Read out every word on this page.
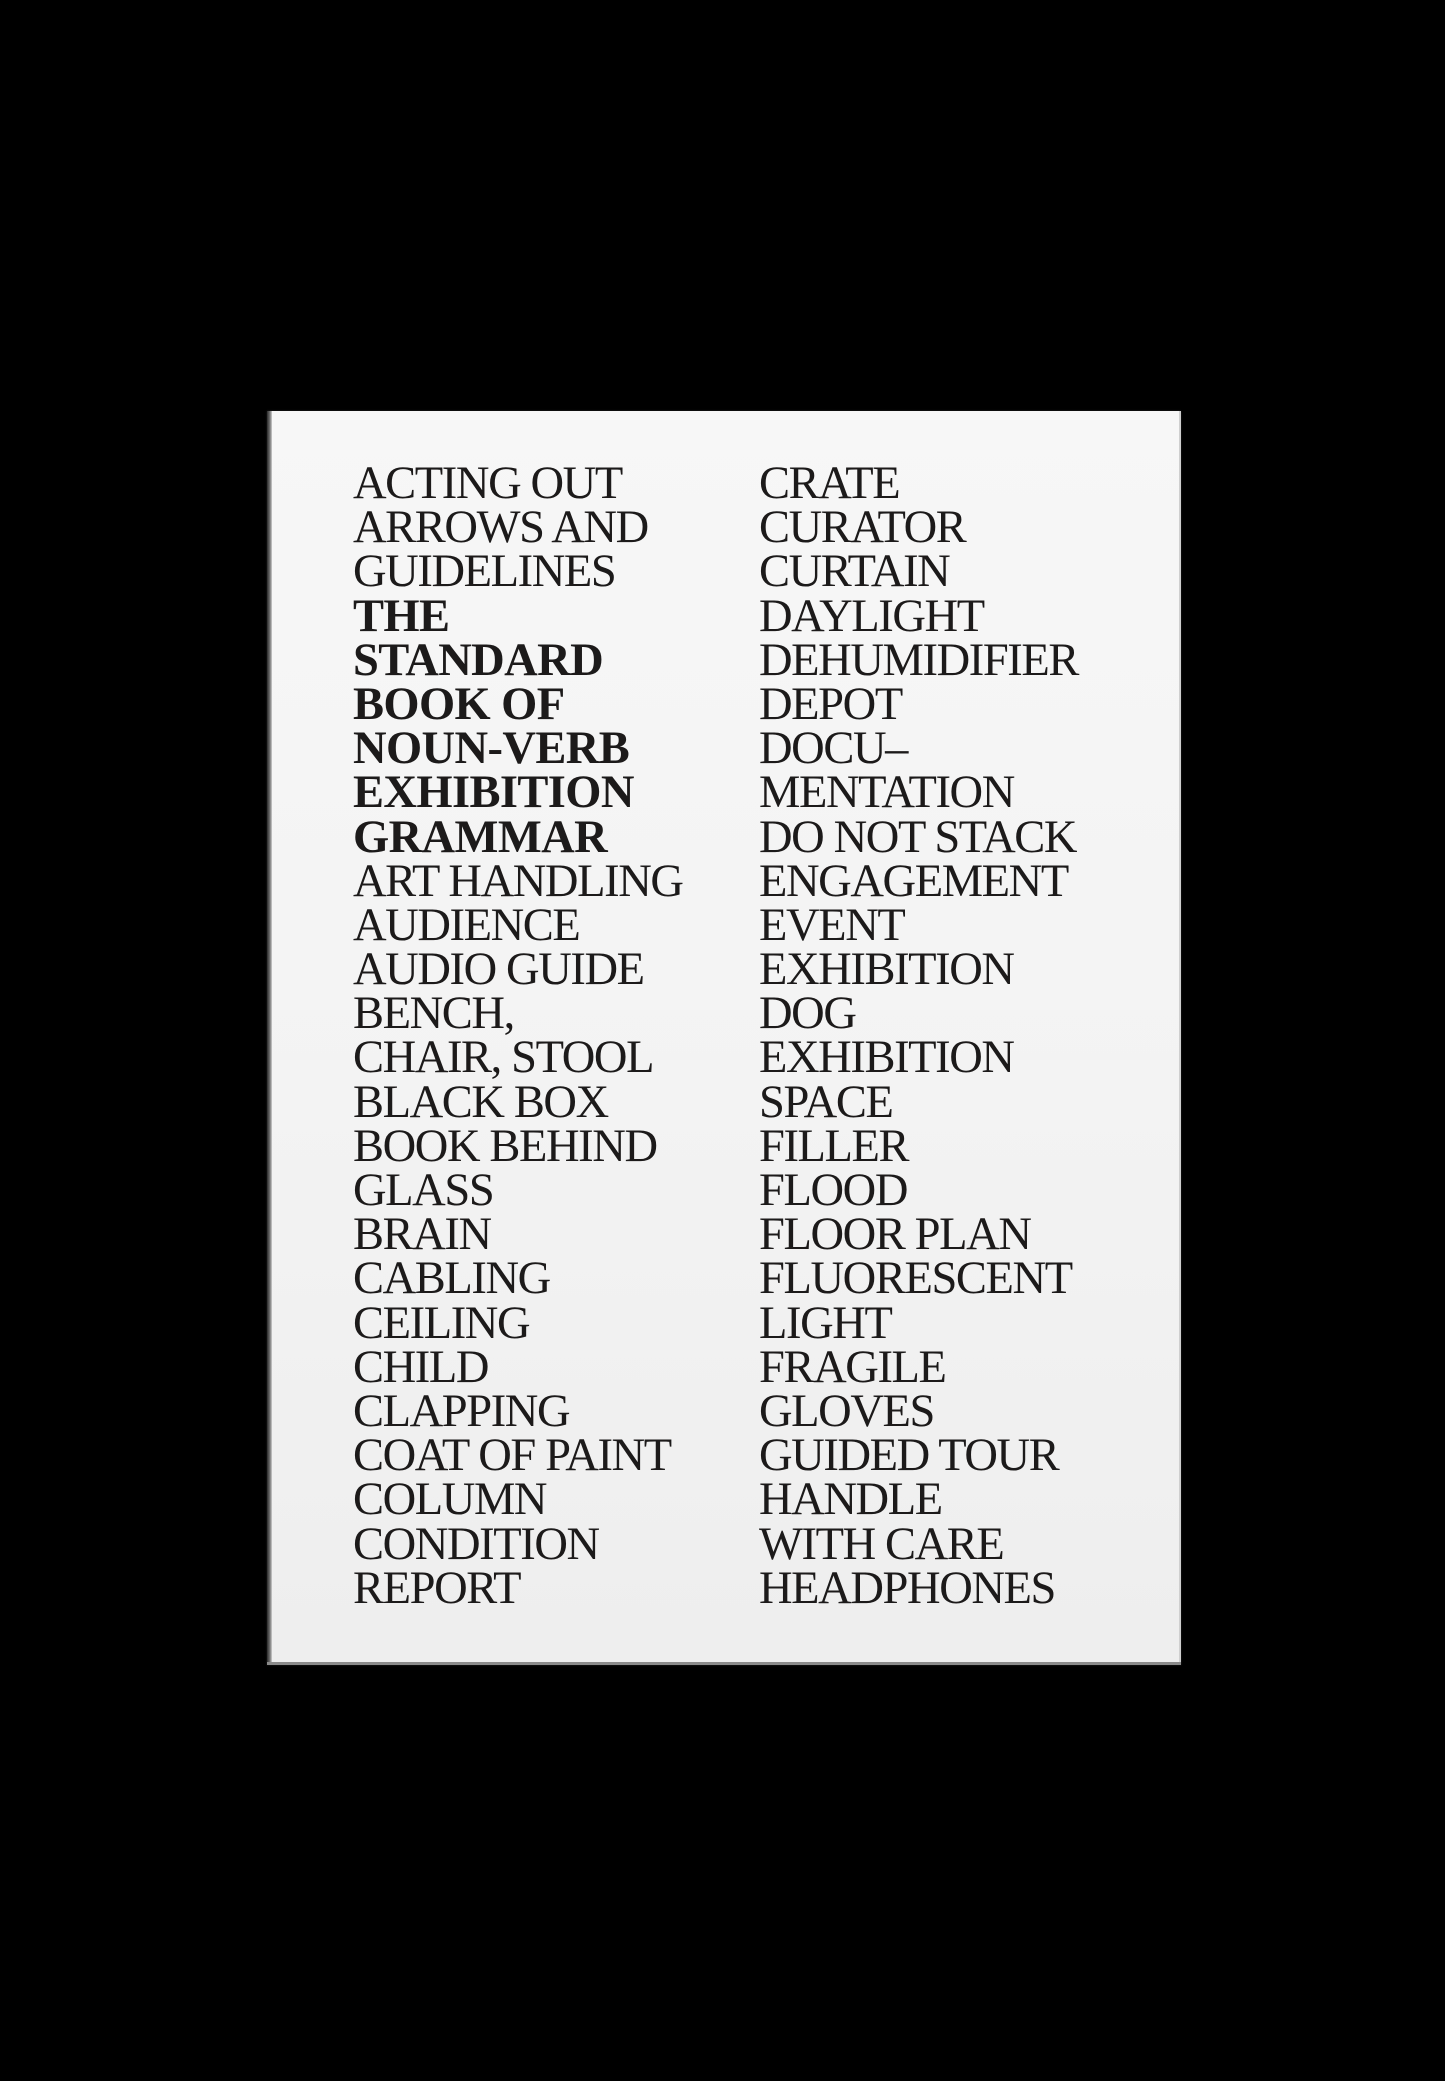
ACTING OUT
ARROWS AND
GUIDELINES
THE
STANDARD
BOOK OF
NOUN-VERB
EXHIBITION
GRAMMAR
ART HANDLING
AUDIENCE
AUDIO GUIDE
BENCH,
CHAIR, STOOL
BLACK BOX
BOOK BEHIND
GLASS
BRAIN
CABLING
CEILING
CHILD
CLAPPING
COAT OF PAINT
COLUMN
CONDITION
REPORT
CRATE
CURATOR
CURTAIN
DAYLIGHT
DEHUMIDIFIER
DEPOT
DOCU–
MENTATION
DO NOT STACK
ENGAGEMENT
EVENT
EXHIBITION
DOG
EXHIBITION
SPACE
FILLER
FLOOD
FLOOR PLAN
FLUORESCENT
LIGHT
FRAGILE
GLOVES
GUIDED TOUR
HANDLE
WITH CARE
HEADPHONES
